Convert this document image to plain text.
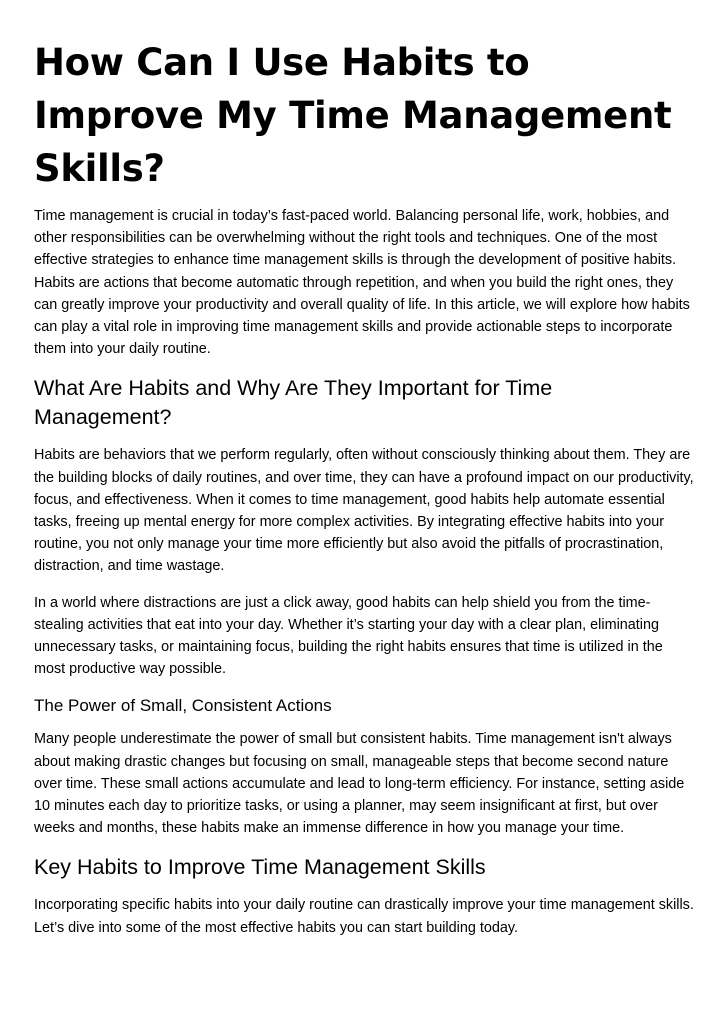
How Can I Use Habits to Improve My Time Management Skills?

Time management is crucial in today’s fast-paced world. Balancing personal life, work, hobbies, and other responsibilities can be overwhelming without the right tools and techniques. One of the most effective strategies to enhance time management skills is through the development of positive habits. Habits are actions that become automatic through repetition, and when you build the right ones, they can greatly improve your productivity and overall quality of life. In this article, we will explore how habits can play a vital role in improving time management skills and provide actionable steps to incorporate them into your daily routine.

What Are Habits and Why Are They Important for Time Management?

Habits are behaviors that we perform regularly, often without consciously thinking about them. They are the building blocks of daily routines, and over time, they can have a profound impact on our productivity, focus, and effectiveness. When it comes to time management, good habits help automate essential tasks, freeing up mental energy for more complex activities. By integrating effective habits into your routine, you not only manage your time more efficiently but also avoid the pitfalls of procrastination, distraction, and time wastage.

In a world where distractions are just a click away, good habits can help shield you from the time-stealing activities that eat into your day. Whether it’s starting your day with a clear plan, eliminating unnecessary tasks, or maintaining focus, building the right habits ensures that time is utilized in the most productive way possible.

The Power of Small, Consistent Actions

Many people underestimate the power of small but consistent habits. Time management isn't always about making drastic changes but focusing on small, manageable steps that become second nature over time. These small actions accumulate and lead to long-term efficiency. For instance, setting aside 10 minutes each day to prioritize tasks, or using a planner, may seem insignificant at first, but over weeks and months, these habits make an immense difference in how you manage your time.

Key Habits to Improve Time Management Skills

Incorporating specific habits into your daily routine can drastically improve your time management skills. Let’s dive into some of the most effective habits you can start building today.
